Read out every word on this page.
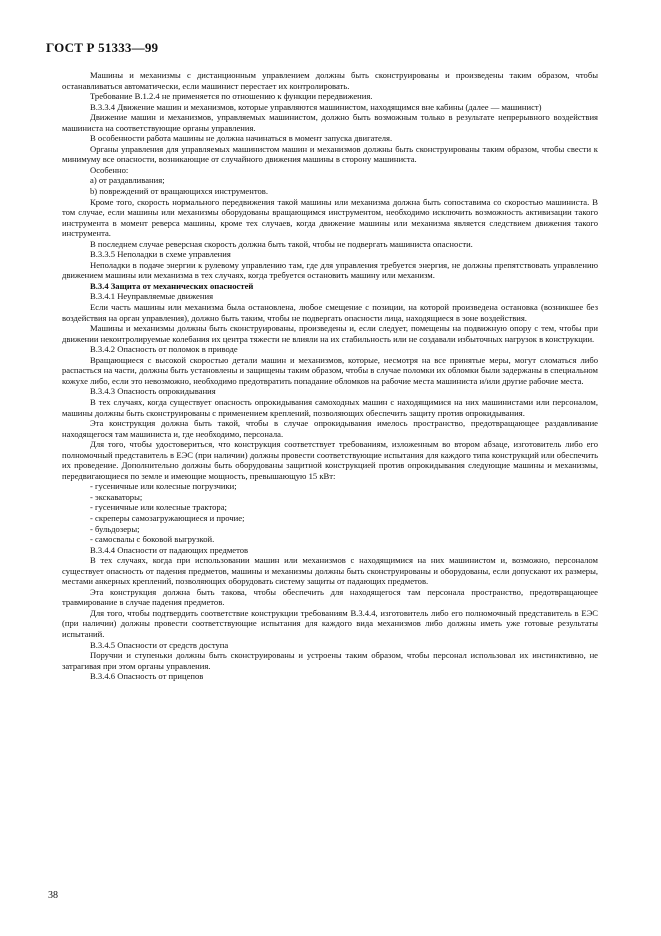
ГОСТ Р 51333—99

Машины и механизмы с дистанционным управлением должны быть сконструированы и произведены таким образом, чтобы останавливаться автоматически, если машинист перестает их контролировать.

Требование В.1.2.4 не применяется по отношению к функции передвижения.

В.3.3.4 Движение машин и механизмов, которые управляются машинистом, находящимся вне кабины (далее — машинист)

Движение машин и механизмов, управляемых машинистом, должно быть возможным только в результате непрерывного воздействия машиниста на соответствующие органы управления.

В особенности работа машины не должна начинаться в момент запуска двигателя.

Органы управления для управляемых машинистом машин и механизмов должны быть сконструированы таким образом, чтобы свести к минимуму все опасности, возникающие от случайного движения машины в сторону машиниста.

Особенно:

а) от раздавливания;

b) повреждений от вращающихся инструментов.

Кроме того, скорость нормального передвижения такой машины или механизма должна быть сопоставима со скоростью машиниста. В том случае, если машины или механизмы оборудованы вращающимся инструментом, необходимо исключить возможность активизации такого инструмента в момент реверса машины, кроме тех случаев, когда движение машины или механизма является следствием движения такого инструмента.

В последнем случае реверсная скорость должна быть такой, чтобы не подвергать машиниста опасности.

В.3.3.5 Неполадки в схеме управления

Неполадки в подаче энергии к рулевому управлению там, где для управления требуется энергия, не должны препятствовать управлению движением машины или механизма в тех случаях, когда требуется остановить машину или механизм.

В.3.4 Защита от механических опасностей

В.3.4.1 Неуправляемые движения

Если часть машины или механизма была остановлена, любое смещение с позиции, на которой произведена остановка (возникшее без воздействия на орган управления), должно быть таким, чтобы не подвергать опасности лица, находящиеся в зоне воздействия.

Машины и механизмы должны быть сконструированы, произведены и, если следует, помещены на подвижную опору с тем, чтобы при движении неконтролируемые колебания их центра тяжести не влияли на их стабильность или не создавали избыточных нагрузок в конструкции.

В.3.4.2 Опасность от поломок в приводе

Вращающиеся с высокой скоростью детали машин и механизмов, которые, несмотря на все принятые меры, могут сломаться либо распасться на части, должны быть установлены и защищены таким образом, чтобы в случае поломки их обломки были задержаны в специальном кожухе либо, если это невозможно, необходимо предотвратить попадание обломков на рабочие места машиниста и/или другие рабочие места.

В.3.4.3 Опасность опрокидывания

В тех случаях, когда существует опасность опрокидывания самоходных машин с находящимися на них машинистами или персоналом, машины должны быть сконструированы с применением креплений, позволяющих обеспечить защиту против опрокидывания.

Эта конструкция должна быть такой, чтобы в случае опрокидывания имелось пространство, предотвращающее раздавливание находящегося там машиниста и, где необходимо, персонала.

Для того, чтобы удостовериться, что конструкция соответствует требованиям, изложенным во втором абзаце, изготовитель либо его полномочный представитель в ЕЭС (при наличии) должны провести соответствующие испытания для каждого типа конструкций или обеспечить их проведение. Дополнительно должны быть оборудованы защитной конструкцией против опрокидывания следующие машины и механизмы, передвигающиеся по земле и имеющие мощность, превышающую 15 кВт:

- гусеничные или колесные погрузчики;

- экскаваторы;

- гусеничные или колесные трактора;

- скреперы самозагружающиеся и прочие;

- бульдозеры;

- самосвалы с боковой выгрузкой.

В.3.4.4 Опасности от падающих предметов

В тех случаях, когда при использовании машин или механизмов с находящимися на них машинистом и, возможно, персоналом существует опасность от падения предметов, машины и механизмы должны быть сконструированы и оборудованы, если допускают их размеры, местами анкерных креплений, позволяющих оборудовать систему защиты от падающих предметов.

Эта конструкция должна быть такова, чтобы обеспечить для находящегося там персонала пространство, предотвращающее травмирование в случае падения предметов.

Для того, чтобы подтвердить соответствие конструкции требованиям В.3.4.4, изготовитель либо его полномочный представитель в ЕЭС (при наличии) должны провести соответствующие испытания для каждого вида механизмов либо должны иметь уже готовые результаты испытаний.

В.3.4.5 Опасности от средств доступа

Поручни и ступеньки должны быть сконструированы и устроены таким образом, чтобы персонал использовал их инстинктивно, не затрагивая при этом органы управления.

В.3.4.6 Опасность от прицепов

38
